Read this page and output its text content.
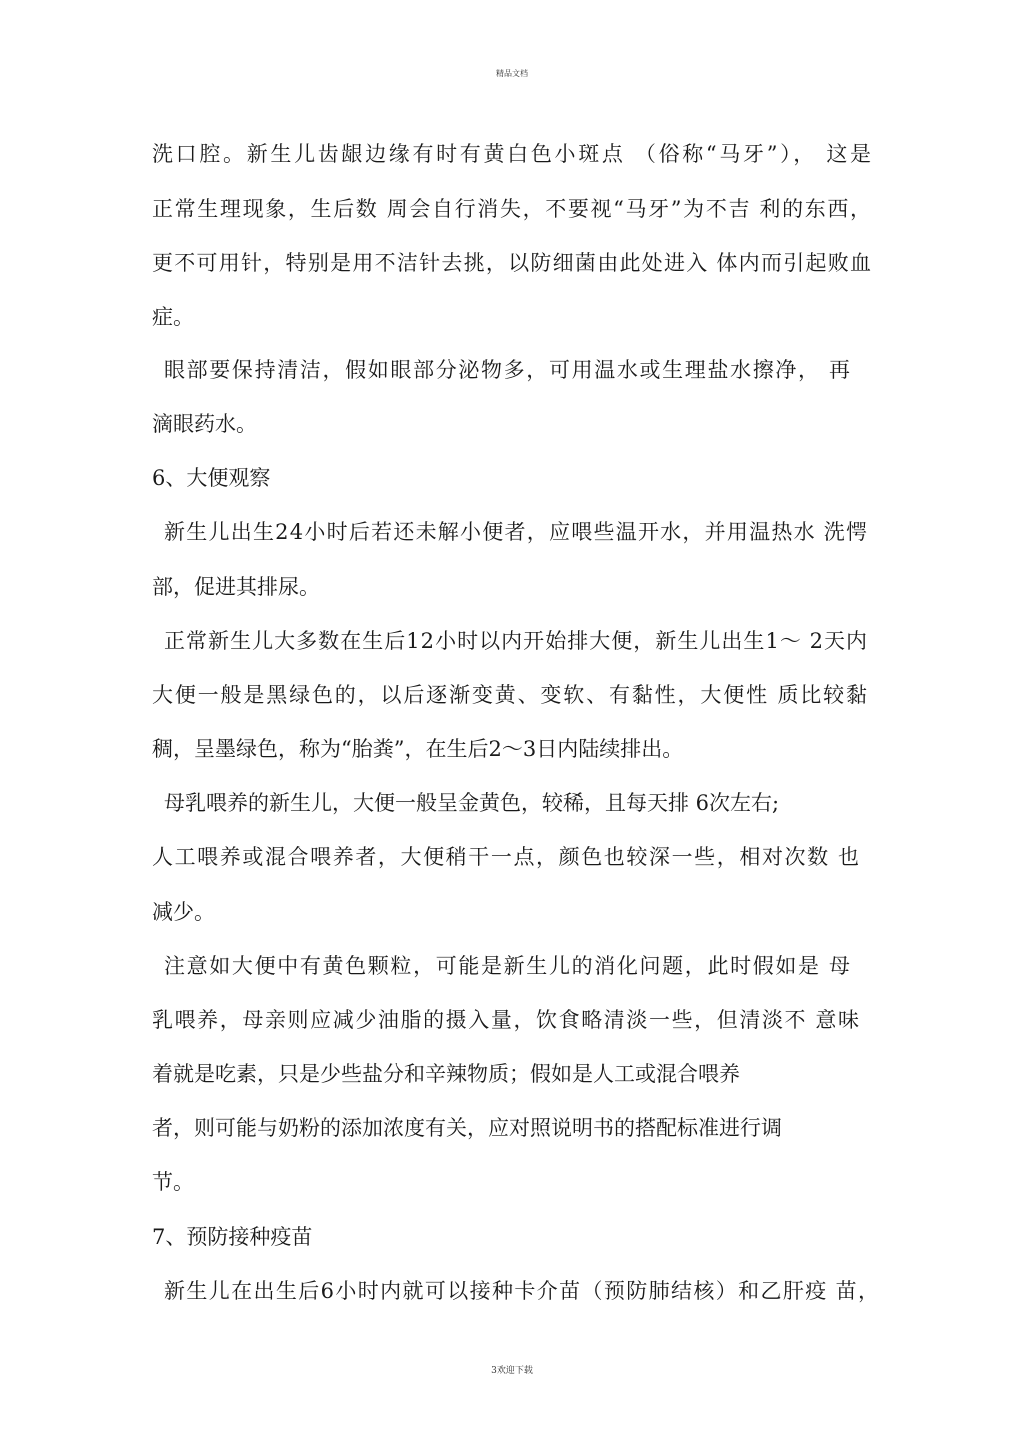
精品文档
洗口腔。新生儿齿龈边缘有时有黄白色小斑点 （俗称“马牙”）， 这是
正常生理现象，生后数 周会自行消失，不要视“马牙”为不吉 利的东西，
更不可用针，特别是用不洁针去挑，以防细菌由此处进入 体内而引起败血
症。
眼部要保持清洁，假如眼部分泌物多，可用温水或生理盐水擦净， 再
滴眼药水。
6、大便观察
新生儿出生24小时后若还未解小便者，应喂些温开水，并用温热水 洗愕
部，促进其排尿。
正常新生儿大多数在生后12小时以内开始排大便，新生儿出生1～ 2天内
大便一般是黑绿色的，以后逐渐变黄、变软、有黏性，大便性 质比较黏
稠，呈墨绿色，称为“胎粪”，在生后2～3日内陆续排出。
母乳喂养的新生儿，大便一般呈金黄色，较稀，且每天排 6次左右;
人工喂养或混合喂养者，大便稍干一点，颜色也较深一些，相对次数 也
减少。
注意如大便中有黄色颗粒，可能是新生儿的消化问题，此时假如是 母
乳喂养，母亲则应减少油脂的摄入量，饮食略清淡一些，但清淡不 意味
着就是吃素，只是少些盐分和辛辣物质；假如是人工或混合喂养
者，则可能与奶粉的添加浓度有关，应对照说明书的搭配标准进行调
节。
7、预防接种疫苗
新生儿在出生后6小时内就可以接种卡介苗（预防肺结核）和乙肝疫 苗，
3欢迎下载
